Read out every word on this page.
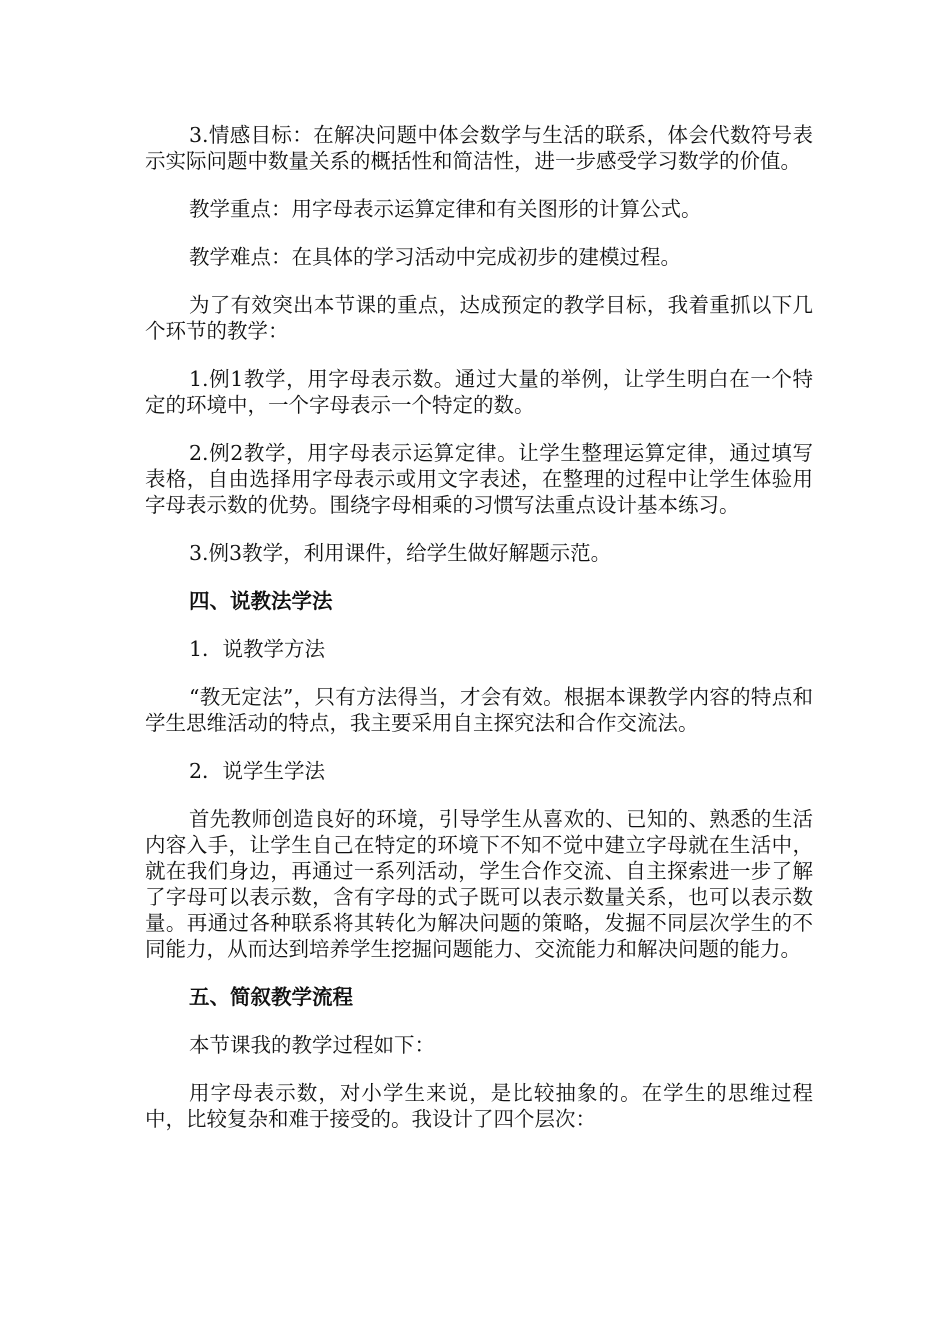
3.情感目标：在解决问题中体会数学与生活的联系，体会代数符号表示实际问题中数量关系的概括性和简洁性，进一步感受学习数学的价值。

教学重点：用字母表示运算定律和有关图形的计算公式。

教学难点：在具体的学习活动中完成初步的建模过程。

为了有效突出本节课的重点，达成预定的教学目标，我着重抓以下几个环节的教学：

1.例1教学，用字母表示数。通过大量的举例，让学生明白在一个特定的环境中，一个字母表示一个特定的数。

2.例2教学，用字母表示运算定律。让学生整理运算定律，通过填写表格，自由选择用字母表示或用文字表述，在整理的过程中让学生体验用字母表示数的优势。围绕字母相乘的习惯写法重点设计基本练习。

3.例3教学，利用课件，给学生做好解题示范。

四、说教法学法

1．说教学方法

“教无定法”，只有方法得当，才会有效。根据本课教学内容的特点和学生思维活动的特点，我主要采用自主探究法和合作交流法。

2．说学生学法

首先教师创造良好的环境，引导学生从喜欢的、已知的、熟悉的生活内容入手，让学生自己在特定的环境下不知不觉中建立字母就在生活中，就在我们身边，再通过一系列活动，学生合作交流、自主探索进一步了解了字母可以表示数，含有字母的式子既可以表示数量关系，也可以表示数量。再通过各种联系将其转化为解决问题的策略，发掘不同层次学生的不同能力，从而达到培养学生挖掘问题能力、交流能力和解决问题的能力。

五、简叙教学流程

本节课我的教学过程如下：

用字母表示数，对小学生来说，是比较抽象的。在学生的思维过程中，比较复杂和难于接受的。我设计了四个层次：
